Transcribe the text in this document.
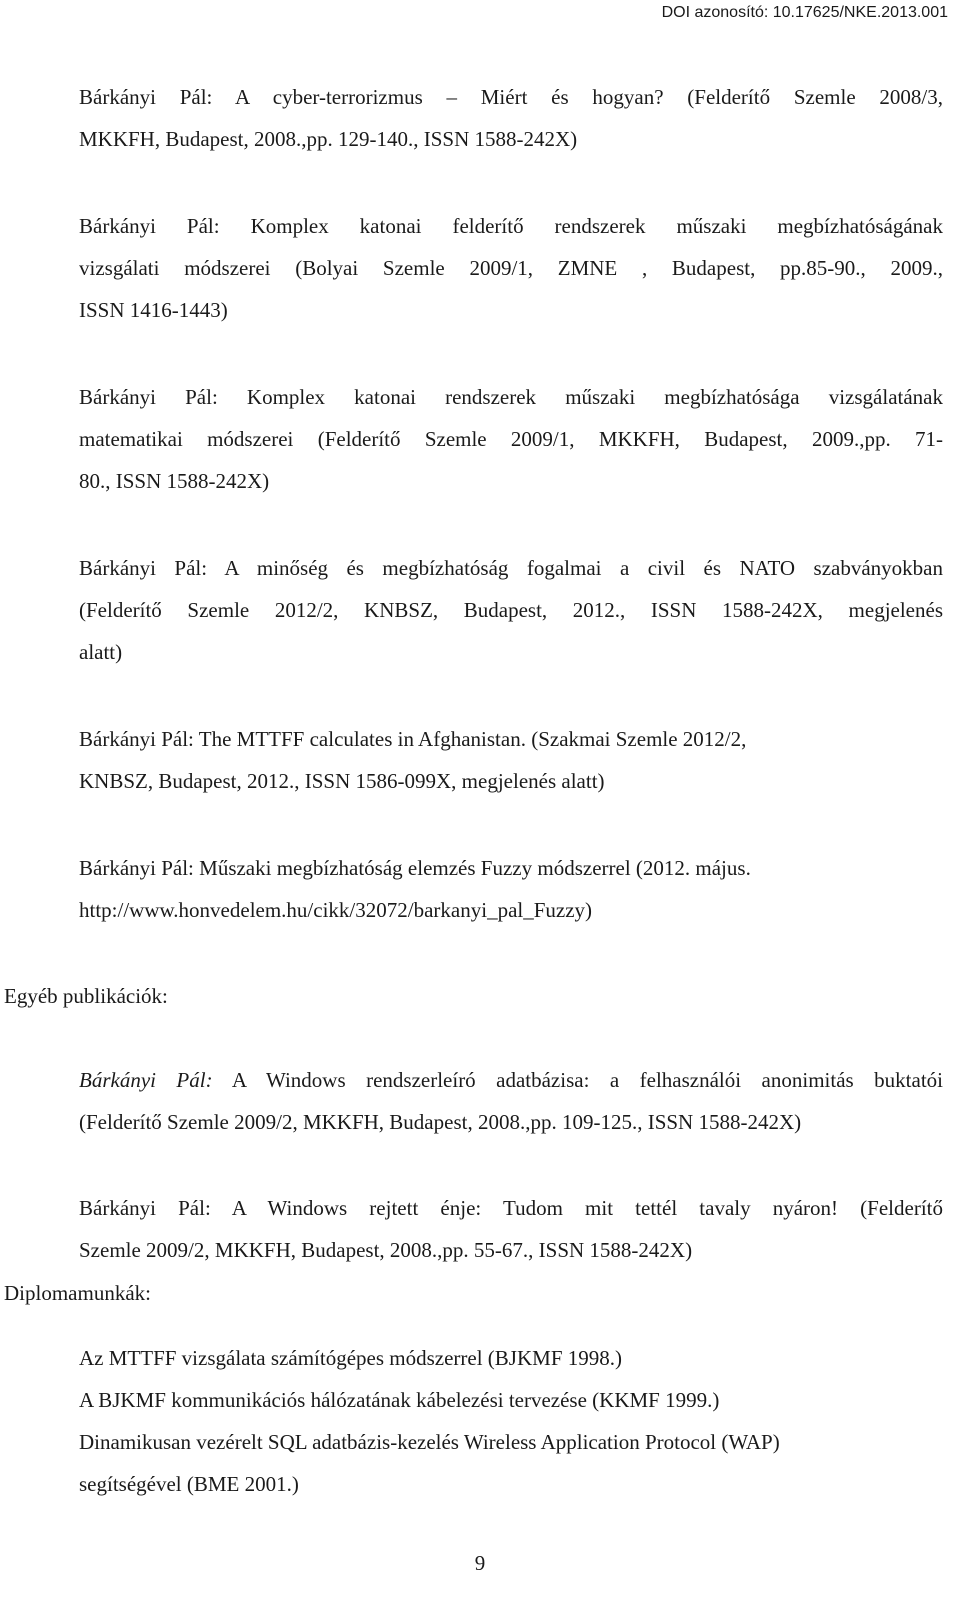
DOI azonosító: 10.17625/NKE.2013.001
Bárkányi Pál: A cyber-terrorizmus – Miért és hogyan? (Felderítő Szemle 2008/3,
MKKFH, Budapest, 2008.,pp. 129-140., ISSN 1588-242X)
Bárkányi Pál: Komplex katonai felderítő rendszerek műszaki megbízhatóságának
vizsgálati módszerei (Bolyai Szemle 2009/1, ZMNE , Budapest, pp.85-90., 2009.,
ISSN 1416-1443)
Bárkányi Pál: Komplex katonai rendszerek műszaki megbízhatósága vizsgálatának
matematikai módszerei (Felderítő Szemle 2009/1, MKKFH, Budapest, 2009.,pp. 71-
80., ISSN 1588-242X)
Bárkányi Pál: A minőség és megbízhatóság fogalmai a civil és NATO szabványokban
(Felderítő Szemle 2012/2, KNBSZ, Budapest, 2012., ISSN 1588-242X, megjelenés
alatt)
Bárkányi Pál: The MTTFF calculates in Afghanistan. (Szakmai Szemle 2012/2,
KNBSZ, Budapest, 2012., ISSN 1586-099X, megjelenés alatt)
Bárkányi Pál: Műszaki megbízhatóság elemzés Fuzzy módszerrel (2012. május.
http://www.honvedelem.hu/cikk/32072/barkanyi_pal_Fuzzy)
Egyéb publikációk:
Bárkányi Pál: A Windows rendszerleíró adatbázisa: a felhasználói anonimitás buktatói
(Felderítő Szemle 2009/2, MKKFH, Budapest, 2008.,pp. 109-125., ISSN 1588-242X)
Bárkányi Pál: A Windows rejtett énje: Tudom mit tettél tavaly nyáron! (Felderítő
Szemle 2009/2, MKKFH, Budapest, 2008.,pp. 55-67., ISSN 1588-242X)
Diplomamunkák:
Az MTTFF vizsgálata számítógépes módszerrel (BJKMF 1998.)
A BJKMF kommunikációs hálózatának kábelezési tervezése (KKMF 1999.)
Dinamikusan vezérelt SQL adatbázis-kezelés Wireless Application Protocol (WAP)
segítségével (BME 2001.)
9
